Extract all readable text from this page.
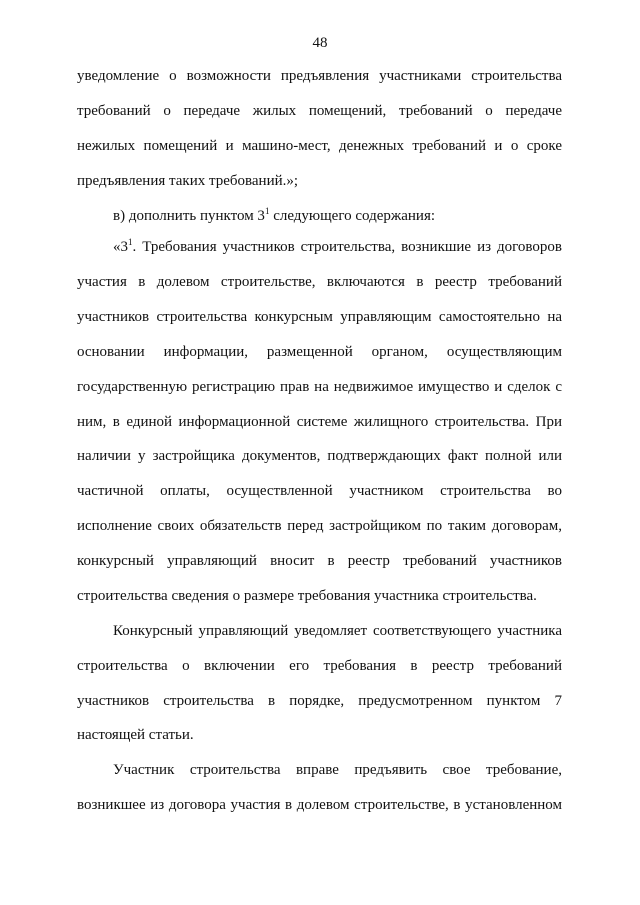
48
уведомление о возможности предъявления участниками строительства
требований о передаче жилых помещений, требований о передаче
нежилых помещений и машино-мест, денежных требований и о сроке
предъявления таких требований.»;
в) дополнить пунктом $3^1$ следующего содержания:
«$3^1$. Требования участников строительства, возникшие из договоров
участия в долевом строительстве, включаются в реестр требований
участников строительства конкурсным управляющим самостоятельно на
основании информации, размещенной органом, осуществляющим
государственную регистрацию прав на недвижимое имущество и сделок с
ним, в единой информационной системе жилищного строительства. При
наличии у застройщика документов, подтверждающих факт полной или
частичной оплаты, осуществленной участником строительства во
исполнение своих обязательств перед застройщиком по таким договорам,
конкурсный управляющий вносит в реестр требований участников
строительства сведения о размере требования участника строительства.
Конкурсный управляющий уведомляет соответствующего участника
строительства о включении его требования в реестр требований
участников строительства в порядке, предусмотренном пунктом 7
настоящей статьи.
Участник строительства вправе предъявить свое требование,
возникшее из договора участия в долевом строительстве, в установленном
